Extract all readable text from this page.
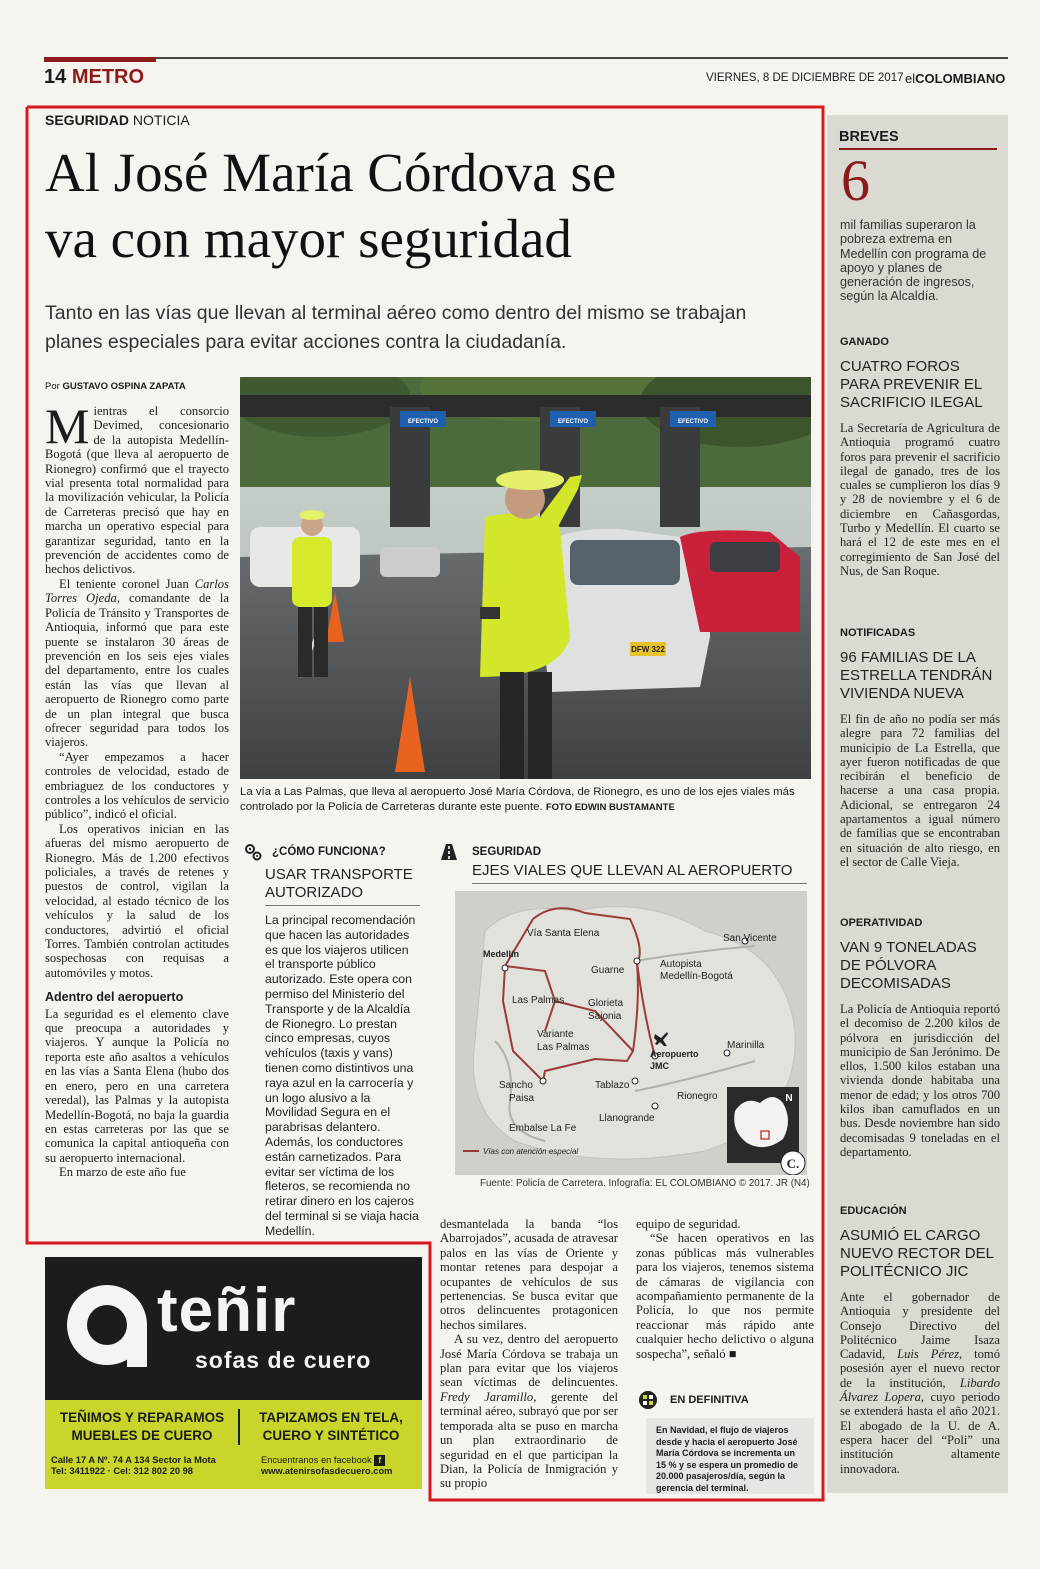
14 METRO	VIERNES, 8 DE DICIEMBRE DE 2017 elCOLOMBIANO
SEGURIDAD NOTICIA
Al José María Córdova se
va con mayor seguridad
Tanto en las vías que llevan al terminal aéreo como dentro del mismo se trabajan planes especiales para evitar acciones contra la ciudadanía.
Por GUSTAVO OSPINA ZAPATA

Mientras el consorcio Devimed, concesionario de la autopista Medellín-Bogotá (que lleva al aeropuerto de Rionegro) confirmó que el trayecto vial presenta total normalidad para la movilización vehicular, la Policía de Carreteras precisó que hay en marcha un operativo especial para garantizar seguridad, tanto en la prevención de accidentes como de hechos delictivos.

El teniente coronel Juan Carlos Torres Ojeda, comandante de la Policía de Tránsito y Transportes de Antioquia, informó que para este puente se instalaron 30 áreas de prevención en los seis ejes viales del departamento, entre los cuales están las vías que llevan al aeropuerto de Rionegro como parte de un plan integral que busca ofrecer seguridad para todos los viajeros.

“Ayer empezamos a hacer controles de velocidad, estado de embriaguez de los conductores y controles a los vehículos de servicio público”, indicó el oficial.

Los operativos inician en las afueras del mismo aeropuerto de Rionegro. Más de 1.200 efectivos policiales, a través de retenes y puestos de control, vigilan la velocidad, al estado técnico de los vehículos y la salud de los conductores, advirtió el oficial Torres. También controlan actitudes sospechosas con requisas a automóviles y motos.

Adentro del aeropuerto

La seguridad es el elemento clave que preocupa a autoridades y viajeros. Y aunque la Policía no reporta este año asaltos a vehículos en las vías a Santa Elena (hubo dos en enero, pero en una carretera veredal), las Palmas y la autopista Medellín-Bogotá, no baja la guardia en estas carreteras por las que se comunica la capital antioqueña con su aeropuerto internacional.

En marzo de este año fue

EFECTIVO	EFECTIVO	EFECTIVO
DFW 322
La vía a Las Palmas, que lleva al aeropuerto José María Córdova, de Rionegro, es uno de los ejes viales más controlado por la Policía de Carreteras durante este puente. FOTO EDWIN BUSTAMANTE
¿CÓMO FUNCIONA?
USAR TRANSPORTE AUTORIZADO

La principal recomendación que hacen las autoridades es que los viajeros utilicen el transporte público autorizado. Este opera con permiso del Ministerio del Transporte y de la Alcaldía de Rionegro. Lo prestan cinco empresas, cuyos vehículos (taxis y vans) tienen como distintivos una raya azul en la carrocería y un logo alusivo a la Movilidad Segura en el parabrisas delantero. Además, los conductores están carnetizados. Para evitar ser víctima de los fleteros, se recomienda no retirar dinero en los cajeros del terminal si se viaja hacia Medellín.

SEGURIDAD
EJES VIALES QUE LLEVAN AL AEROPUERTO
Vía Santa Elena
Medellín
San Vicente
Guarne
Autopista
Medellín-Bogotá
Las Palmas Glorieta
Sajonia
Variante
Las Palmas
Aeropuerto
JMC
Marinilla
Sancho
Paisa
Tablazo
Rionegro
Embalse La Fe
Llanogrande
Vías con atención especial
N
C.
Fuente: Policía de Carretera. Infografía: EL COLOMBIANO © 2017. JR (N4)

desmantelada la banda “los Abarrojados”, acusada de atravesar palos en las vías de Oriente y montar retenes para despojar a ocupantes de vehículos de sus pertenencias. Se busca evitar que otros delincuentes protagonicen hechos similares.

A su vez, dentro del aeropuerto José María Córdova se trabaja un plan para evitar que los viajeros sean víctimas de delincuentes. Fredy Jaramillo, gerente del terminal aéreo, subrayó que por ser temporada alta se puso en marcha un plan extraordinario de seguridad en el que participan la Dian, la Policía de Inmigración y su propio

equipo de seguridad.

“Se hacen operativos en las zonas públicas más vulnerables para los viajeros, tenemos sistema de cámaras de vigilancia con acompañamiento permanente de la Policía, lo que nos permite reaccionar más rápido ante cualquier hecho delictivo o alguna sospecha”, señaló ■

EN DEFINITIVA
En Navidad, el flujo de viajeros desde y hacia el aeropuerto José María Córdova se incrementa un 15 % y se espera un promedio de 20.000 pasajeros/día, según la gerencia del terminal.
teñir
sofas de cuero
TEÑIMOS Y REPARAMOS
MUEBLES DE CUERO
TAPIZAMOS EN TELA,
CUERO Y SINTÉTICO
Calle 17 A Nº. 74 A 134 Sector la Mota
Tel: 3411922 · Cel: 312 802 20 98
Encuentranos en facebook f
www.atenirsofasdecuero.com
BREVES
6
mil familias superaron la pobreza extrema en Medellín con programa de apoyo y planes de generación de ingresos, según la Alcaldía.
GANADO
CUATRO FOROS PARA PREVENIR EL SACRIFICIO ILEGAL
La Secretaría de Agricultura de Antioquia programó cuatro foros para prevenir el sacrificio ilegal de ganado, tres de los cuales se cumplieron los días 9 y 28 de noviembre y el 6 de diciembre en Cañasgordas, Turbo y Medellín. El cuarto se hará el 12 de este mes en el corregimiento de San José del Nus, de San Roque.
NOTIFICADAS
96 FAMILIAS DE LA ESTRELLA TENDRÁN VIVIENDA NUEVA
El fin de año no podía ser más alegre para 72 familias del municipio de La Estrella, que ayer fueron notificadas de que recibirán el beneficio de hacerse a una casa propia. Adicional, se entregaron 24 apartamentos a igual número de familias que se encontraban en situación de alto riesgo, en el sector de Calle Vieja.
OPERATIVIDAD
VAN 9 TONELADAS DE PÓLVORA DECOMISADAS
La Policía de Antioquia reportó el decomiso de 2.200 kilos de pólvora en jurisdicción del municipio de San Jerónimo. De ellos, 1.500 kilos estaban una vivienda donde habitaba una menor de edad; y los otros 700 kilos iban camuflados en un bus. Desde noviembre han sido decomisadas 9 toneladas en el departamento.
EDUCACIÓN
ASUMIÓ EL CARGO NUEVO RECTOR DEL POLITÉCNICO JIC
Ante el gobernador de Antioquia y presidente del Consejo Directivo del Politécnico Jaime Isaza Cadavid, Luis Pérez, tomó posesión ayer el nuevo rector de la institución, Libardo Álvarez Lopera, cuyo periodo se extenderá hasta el año 2021. El abogado de la U. de A. espera hacer del “Poli” una institución altamente innovadora.
